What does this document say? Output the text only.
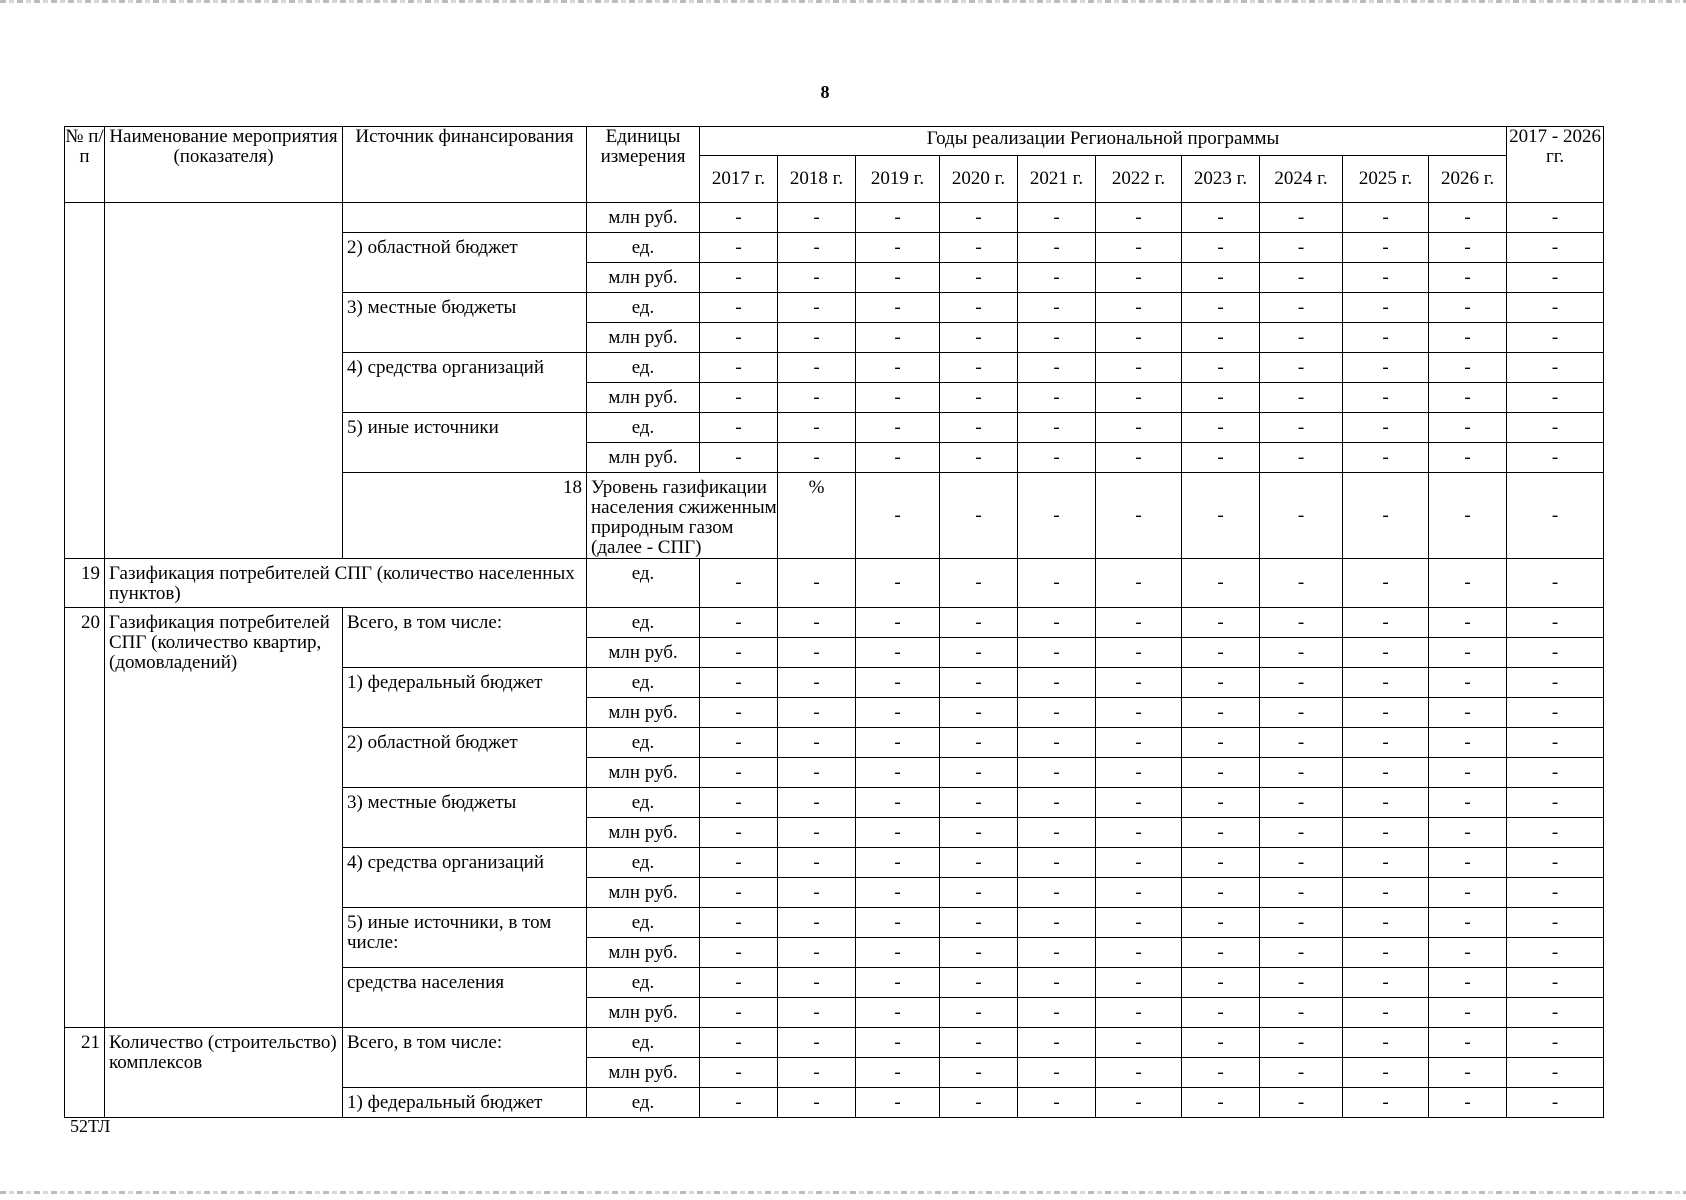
8
№ п/п	Наименование мероприятия (показателя)	Источник финансирования	Единицы измерения	Годы реализации Региональной программы										2017 - 2026 гг.	
				2017 г.	2018 г.	2019 г.	2020 г.	2021 г.	2022 г.	2023 г.	2024 г.	2025 г.	2026 г.		
			млн руб.	-	-	-	-	-	-	-	-	-	-	-	
		2) областной бюджет	ед.	-	-	-	-	-	-	-	-	-	-	-	
			млн руб.	-	-	-	-	-	-	-	-	-	-	-	
		3) местные бюджеты	ед.	-	-	-	-	-	-	-	-	-	-	-	
			млн руб.	-	-	-	-	-	-	-	-	-	-	-	
		4) средства организаций	ед.	-	-	-	-	-	-	-	-	-	-	-	
			млн руб.	-	-	-	-	-	-	-	-	-	-	-	
		5) иные источники	ед.	-	-	-	-	-	-	-	-	-	-	-	
			млн руб.	-	-	-	-	-	-	-	-	-	-	-	
		18	Уровень газификации населения сжиженным природным газом (далее - СПГ)		%	-	-	-	-	-	-	-	-	-		
19	Газификация потребителей СПГ (количество населенных пунктов)		ед.	-	-	-	-	-	-	-	-	-	-	-	
20	Газификация потребителей СПГ (количество квартир, (домовладений)	Всего, в том числе:	ед.	-	-	-	-	-	-	-	-	-	-	-	
			млн руб.	-	-	-	-	-	-	-	-	-	-	-	
		1) федеральный бюджет	ед.	-	-	-	-	-	-	-	-	-	-	-	
			млн руб.	-	-	-	-	-	-	-	-	-	-	-	
		2) областной бюджет	ед.	-	-	-	-	-	-	-	-	-	-	-	
			млн руб.	-	-	-	-	-	-	-	-	-	-	-	
		3) местные бюджеты	ед.	-	-	-	-	-	-	-	-	-	-	-	
			млн руб.	-	-	-	-	-	-	-	-	-	-	-	
		4) средства организаций	ед.	-	-	-	-	-	-	-	-	-	-	-	
			млн руб.	-	-	-	-	-	-	-	-	-	-	-	
		5) иные источники, в том числе:	ед.	-	-	-	-	-	-	-	-	-	-	-	
			млн руб.	-	-	-	-	-	-	-	-	-	-	-	
		средства населения	ед.	-	-	-	-	-	-	-	-	-	-	-	
			млн руб.	-	-	-	-	-	-	-	-	-	-	-	
21	Количество (строительство) комплексов	Всего, в том числе:	ед.	-	-	-	-	-	-	-	-	-	-	-	
			млн руб.	-	-	-	-	-	-	-	-	-	-	-	
		1) федеральный бюджет	ед.	-	-	-	-	-	-	-	-	-	-	-	
52ТЛ
